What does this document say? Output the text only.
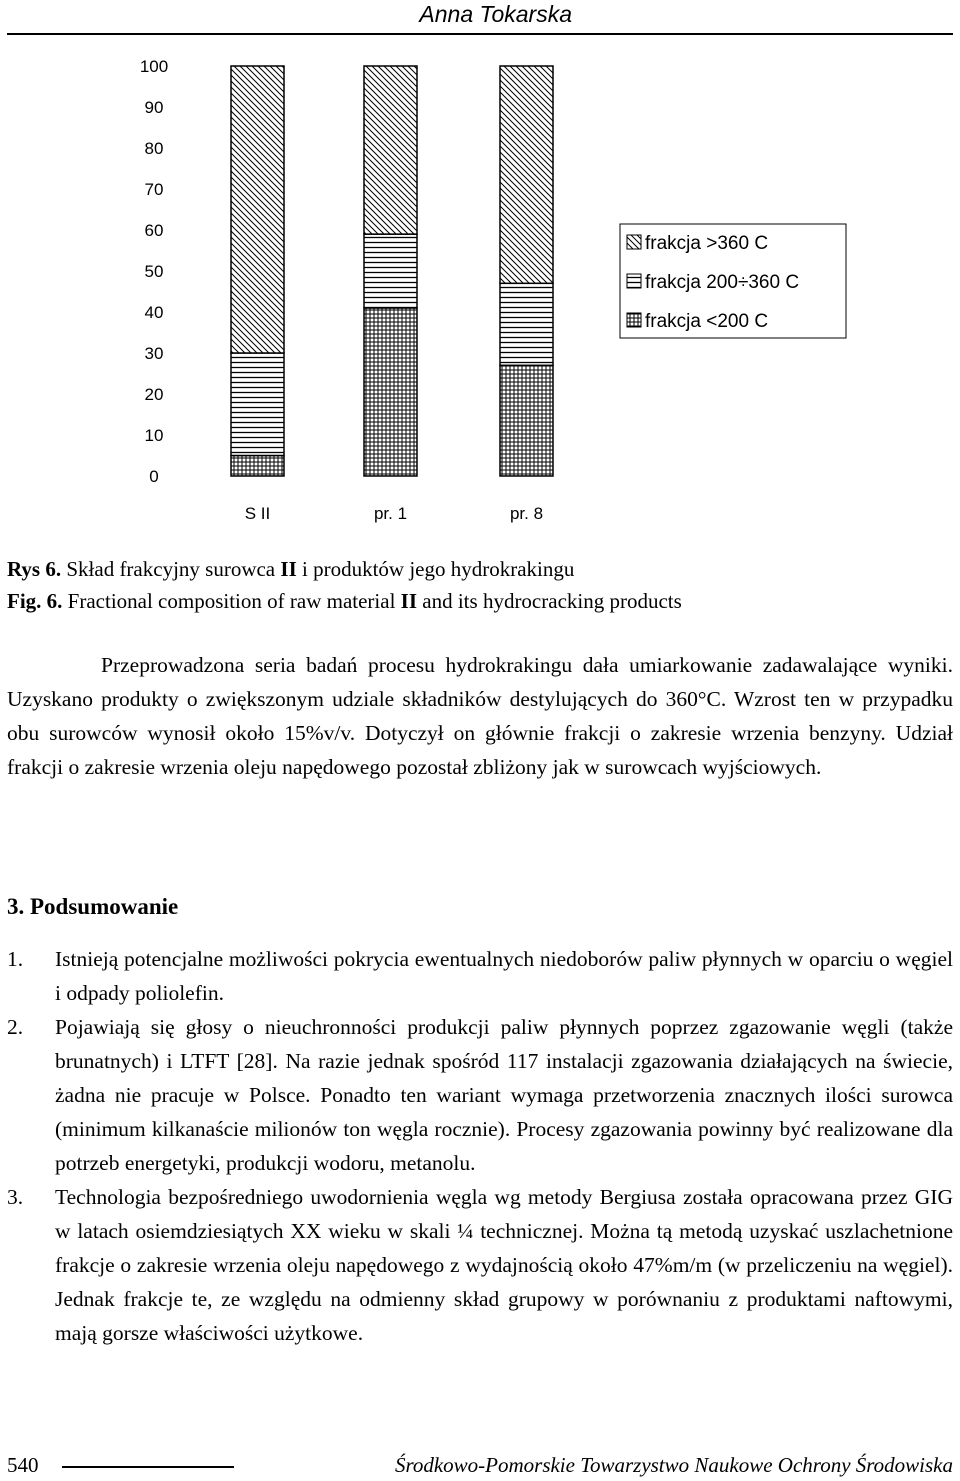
Anna Tokarska
0
10
20
30
40
50
60
70
80
90
100
S II	pr. 1	pr. 8
frakcja >360 C
frakcja 200÷360 C
frakcja <200 C
Rys 6. Skład frakcyjny surowca II i produktów jego hydrokrakingu
Fig. 6. Fractional composition of raw material II and its hydrocracking products

Przeprowadzona seria badań procesu hydrokrakingu dała umiarkowanie zadawalające wyniki. Uzyskano produkty o zwiększonym udziale składników destylujących do 360°C. Wzrost ten w przypadku obu surowców wynosił około 15%v/v. Dotyczył on głównie frakcji o zakresie wrzenia benzyny. Udział frakcji o zakresie wrzenia oleju napędowego pozostał zbliżony jak w surowcach wyjściowych.

3. Podsumowanie
1. Istnieją potencjalne możliwości pokrycia ewentualnych niedoborów paliw płynnych w oparciu o węgiel i odpady poliolefin.
2. Pojawiają się głosy o nieuchronności produkcji paliw płynnych poprzez zgazowanie węgli (także brunatnych) i LTFT [28]. Na razie jednak spośród 117 instalacji zgazowania działających na świecie, żadna nie pracuje w Polsce. Ponadto ten wariant wymaga przetworzenia znacznych ilości surowca (minimum kilkanaście milionów ton węgla rocznie). Procesy zgazowania powinny być realizowane dla potrzeb energetyki, produkcji wodoru, metanolu.
3. Technologia bezpośredniego uwodornienia węgla wg metody Bergiusa została opracowana przez GIG w latach osiemdziesiątych XX wieku w skali ¼ technicznej. Można tą metodą uzyskać uszlachetnione frakcje o zakresie wrzenia oleju napędowego z wydajnością około 47%m/m (w przeliczeniu na węgiel). Jednak frakcje te, ze względu na odmienny skład grupowy w porównaniu z produktami naftowymi, mają gorsze właściwości użytkowe.
540	Środkowo-Pomorskie Towarzystwo Naukowe Ochrony Środowiska
